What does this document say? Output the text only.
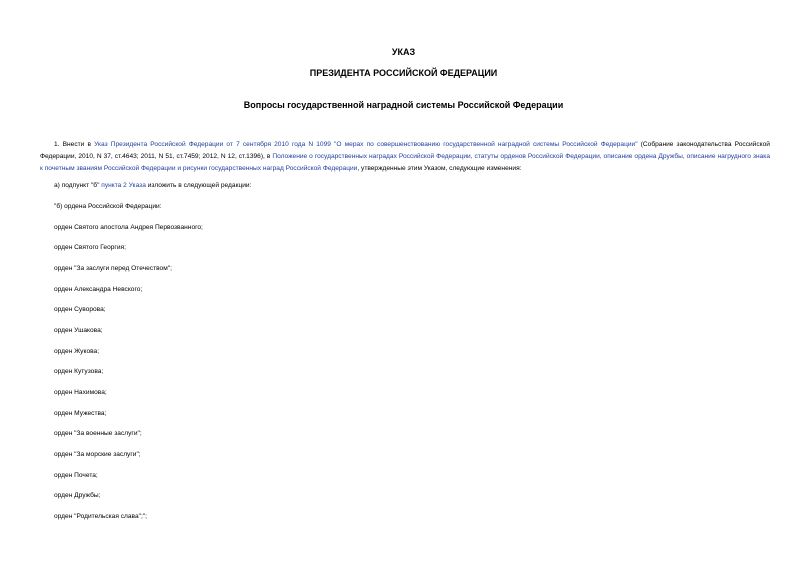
УКАЗ
ПРЕЗИДЕНТА РОССИЙСКОЙ ФЕДЕРАЦИИ
Вопросы государственной наградной системы Российской Федерации
1. Внести в Указ Президента Российской Федерации от 7 сентября 2010 года N 1099 "О мерах по совершенствованию государственной наградной системы Российской Федерации" (Собрание законодательства Российской Федерации, 2010, N 37, ст.4643; 2011, N 51, ст.7459; 2012, N 12, ст.1396), в Положение о государственных наградах Российской Федерации, статуты орденов Российской Федерации, описание ордена Дружбы, описание нагрудного знака к почетным званиям Российской Федерации и рисунки государственных наград Российской Федерации, утвержденные этим Указом, следующие изменения:
а) подпункт "б" пункта 2 Указа изложить в следующей редакции:
"б) ордена Российской Федерации:
орден Святого апостола Андрея Первозванного;
орден Святого Георгия;
орден "За заслуги перед Отечеством";
орден Александра Невского;
орден Суворова;
орден Ушакова;
орден Жукова;
орден Кутузова;
орден Нахимова;
орден Мужества;
орден "За военные заслуги";
орден "За морские заслуги";
орден Почета;
орден Дружбы;
орден "Родительская слава";";
